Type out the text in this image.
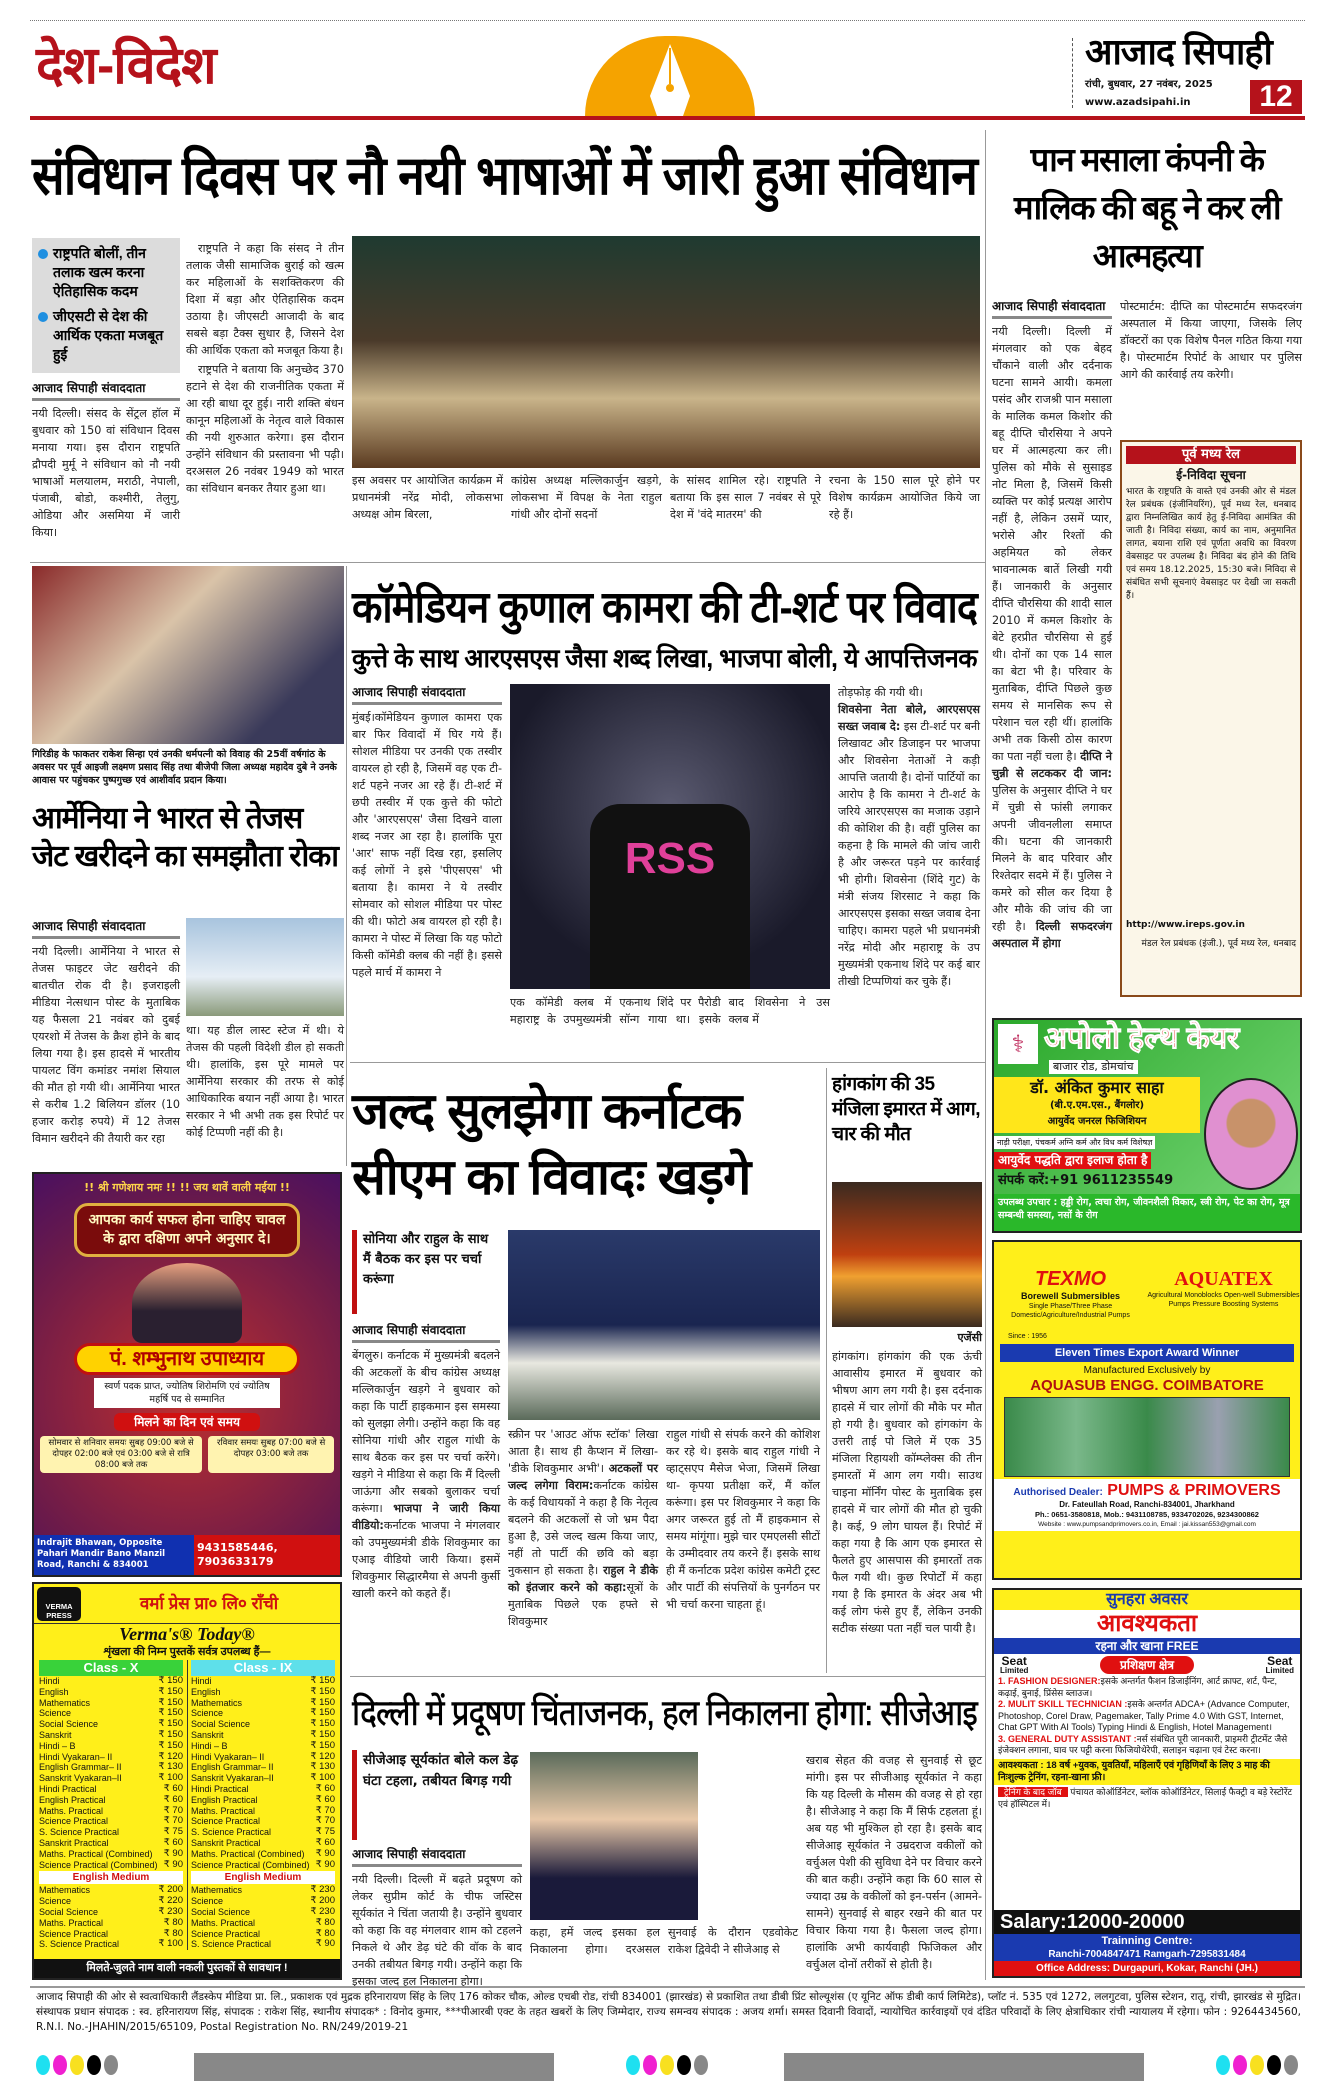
देश-विदेश	आजाद सिपाही
रांची, बुधवार, 27 नवंबर, 2025
www.azadsipahi.in	12
संविधान दिवस पर नौ नयी भाषाओं में जारी हुआ संविधान
राष्ट्रपति बोलीं, तीन तलाक खत्म करना ऐतिहासिक कदम
जीएसटी से देश की आर्थिक एकता मजबूत हुई
आजाद सिपाही संवाददाता
नयी दिल्ली। संसद के सेंट्रल हॉल में बुधवार को 150 वां संविधान दिवस मनाया गया। इस दौरान राष्ट्रपति द्रौपदी मुर्मू ने संविधान को नौ नयी भाषाओं मलयालम, मराठी, नेपाली, पंजाबी, बोडो, कश्मीरी, तेलुगु, ओडिया और असमिया में जारी किया।

राष्ट्रपति ने कहा कि संसद ने तीन तलाक जैसी सामाजिक बुराई को खत्म कर महिलाओं के सशक्तिकरण की दिशा में बड़ा और ऐतिहासिक कदम उठाया है। जीएसटी आजादी के बाद सबसे बड़ा टैक्स सुधार है, जिसने देश की आर्थिक एकता को मजबूत किया है।

राष्ट्रपति ने बताया कि अनुच्छेद 370 हटाने से देश की राजनीतिक एकता में आ रही बाधा दूर हुई। नारी शक्ति बंधन कानून महिलाओं के नेतृत्व वाले विकास की नयी शुरुआत करेगा। इस दौरान उन्होंने संविधान की प्रस्तावना भी पढ़ी। दरअसल 26 नवंबर 1949 को भारत का संविधान बनकर तैयार हुआ था।

इस अवसर पर आयोजित कार्यक्रम में प्रधानमंत्री नरेंद्र मोदी, लोकसभा अध्यक्ष ओम बिरला,
कांग्रेस अध्यक्ष मल्लिकार्जुन खड़गे, लोकसभा में विपक्ष के नेता राहुल गांधी और दोनों सदनों
के सांसद शामिल रहे। राष्ट्रपति ने बताया कि इस साल 7 नवंबर से पूरे देश में 'वंदे मातरम' की
रचना के 150 साल पूरे होने पर विशेष कार्यक्रम आयोजित किये जा रहे हैं।
गिरिडीह के फाकतर राकेश सिन्हा एवं उनकी धर्मपत्नी को विवाह की 25वीं वर्षगांठ के अवसर पर पूर्व आइजी लक्ष्मण प्रसाद सिंह तथा बीजेपी जिला अध्यक्ष महादेव दुबे ने उनके आवास पर पहुंचकर पुष्पगुच्छ एवं आशीर्वाद प्रदान किया।
आर्मेनिया ने भारत से तेजस जेट खरीदने का समझौता रोका
आजाद सिपाही संवाददाता
नयी दिल्ली। आर्मेनिया ने भारत से तेजस फाइटर जेट खरीदने की बातचीत रोक दी है। इजराइली मीडिया नेत्सधान पोस्ट के मुताबिक यह फैसला 21 नवंबर को दुबई एयरशो में तेजस के क्रैश होने के बाद लिया गया है। इस हादसे में भारतीय पायलट विंग कमांडर नमांश सियाल की मौत हो गयी थी। आर्मेनिया भारत से करीब 1.2 बिलियन डॉलर (10 हजार करोड़ रुपये) में 12 तेजस विमान खरीदने की तैयारी कर रहा
था। यह डील लास्ट स्टेज में थी। ये तेजस की पहली विदेशी डील हो सकती थी। हालांकि, इस पूरे मामले पर आर्मेनिया सरकार की तरफ से कोई आधिकारिक बयान नहीं आया है। भारत सरकार ने भी अभी तक इस रिपोर्ट पर कोई टिप्पणी नहीं की है।
कॉमेडियन कुणाल कामरा की टी-शर्ट पर विवाद
कुत्ते के साथ आरएसएस जैसा शब्द लिखा, भाजपा बोली, ये आपत्तिजनक
आजाद सिपाही संवाददाता
मुंबई।कॉमेडियन कुणाल कामरा एक बार फिर विवादों में घिर गये हैं। सोशल मीडिया पर उनकी एक तस्वीर वायरल हो रही है, जिसमें वह एक टी-शर्ट पहने नजर आ रहे हैं। टी-शर्ट में छपी तस्वीर में एक कुत्ते की फोटो और 'आरएसएस' जैसा दिखने वाला शब्द नजर आ रहा है। हालांकि पूरा 'आर' साफ नहीं दिख रहा, इसलिए कई लोगों ने इसे 'पीएसएस' भी बताया है। कामरा ने ये तस्वीर सोमवार को सोशल मीडिया पर पोस्ट की थी। फोटो अब वायरल हो रही है। कामरा ने पोस्ट में लिखा कि यह फोटो किसी कॉमेडी क्लब की नहीं है। इससे पहले मार्च में कामरा ने
RSS
एक कॉमेडी क्लब में महाराष्ट्र के उपमुख्यमंत्री एकनाथ शिंदे पर पैरोडी सॉन्ग गाया था। इसके बाद शिवसेना ने उस क्लब में
तोड़फोड़ की गयी थी।
शिवसेना नेता बोले, आरएसएस सख्त जवाब दे: इस टी-शर्ट पर बनी लिखावट और डिजाइन पर भाजपा और शिवसेना नेताओं ने कड़ी आपत्ति जतायी है। दोनों पार्टियों का आरोप है कि कामरा ने टी-शर्ट के जरिये आरएसएस का मजाक उड़ाने की कोशिश की है। वहीं पुलिस का कहना है कि मामले की जांच जारी है और जरूरत पड़ने पर कार्रवाई भी होगी। शिवसेना (शिंदे गुट) के मंत्री संजय शिरसाट ने कहा कि आरएसएस इसका सख्त जवाब देना चाहिए। कामरा पहले भी प्रधानमंत्री नरेंद्र मोदी और महाराष्ट्र के उप मुख्यमंत्री एकनाथ शिंदे पर कई बार तीखी टिप्पणियां कर चुके हैं।
!! श्री गणेशाय नमः !! !! जय थावें वाली मईया !!
आपका कार्य सफल होना चाहिए चावल के द्वारा दक्षिणा अपने अनुसार दे।
पं. शम्भुनाथ उपाध्याय
स्वर्ण पदक प्राप्त, ज्योतिष शिरोमणि एवं ज्योतिष महर्षि पद से सम्मानित
मिलने का दिन एवं समय
सोमवार से शनिवार समयः सुबह 09:00 बजे से दोपहर 02:00 बजे एवं 03:00 बजे से रात्रि 08:00 बजे तक
रविवार समयः सुबह 07:00 बजे से दोपहर 03:00 बजे तक
Indrajit Bhawan, Opposite Pahari Mandir Bano Manzil Road, Ranchi & 834001
9431585446, 7903633179
VERMA PRESS
वर्मा प्रेस प्रा० लि० राँची
Verma's® Today®
शृंखला की निम्न पुस्तकें सर्वत्र उपलब्ध हैं—
Class - X
Hindi	₹ 150
English	₹ 150
Mathematics	₹ 150
Science	₹ 150
Social Science	₹ 150
Sanskrit	₹ 150
Hindi – B	₹ 150
Hindi Vyakaran– II	₹ 120
English Grammar– II	₹ 130
Sanskrit Vyakaran–II	₹ 100
Hindi Practical	₹ 60
English Practical	₹ 60
Maths. Practical	₹ 70
Science Practical	₹ 70
S. Science Practical	₹ 75
Sanskrit Practical	₹ 60
Maths. Practical (Combined) ₹ 90
Science Practical (Combined) ₹ 90
English Medium
Mathematics	₹ 200
Science	₹ 220
Social Science	₹ 230
Maths. Practical	₹ 80
Science Practical	₹ 80
S. Science Practical	₹ 100
Class - IX
Hindi	₹ 150
English	₹ 150
Mathematics	₹ 150
Science	₹ 150
Social Science	₹ 150
Sanskrit	₹ 150
Hindi – B	₹ 150
Hindi Vyakaran– II	₹ 120
English Grammar– II	₹ 130
Sanskrit Vyakaran–II	₹ 100
Hindi Practical	₹ 60
English Practical	₹ 60
Maths. Practical	₹ 70
Science Practical	₹ 70
S. Science Practical	₹ 75
Sanskrit Practical	₹ 60
Maths. Practical (Combined) ₹ 90
Science Practical (Combined) ₹ 90
English Medium
Mathematics	₹ 230
Science	₹ 200
Social Science	₹ 230
Maths. Practical	₹ 80
Science Practical	₹ 80
S. Science Practical	₹ 90
मिलते-जुलते नाम वाली नकली पुस्तकों से सावधान !
जल्द सुलझेगा कर्नाटक सीएम का विवादः खड़गे
सोनिया और राहुल के साथ मैं बैठक कर इस पर चर्चा करूंगा
आजाद सिपाही संवाददाता
बेंगलुरु। कर्नाटक में मुख्यमंत्री बदलने की अटकलों के बीच कांग्रेस अध्यक्ष मल्लिकार्जुन खड़गे ने बुधवार को कहा कि पार्टी हाइकमान इस समस्या को सुलझा लेगी। उन्होंने कहा कि वह सोनिया गांधी और राहुल गांधी के साथ बैठक कर इस पर चर्चा करेंगे। खड़गे ने मीडिया से कहा कि मैं दिल्ली जाऊंगा और सबको बुलाकर चर्चा करूंगा। भाजपा ने जारी किया वीडियो:कर्नाटक भाजपा ने मंगलवार को उपमुख्यमंत्री डीके शिवकुमार का एआइ वीडियो जारी किया। इसमें शिवकुमार सिद्धारमैया से अपनी कुर्सी खाली करने को कहते हैं।
स्क्रीन पर 'आउट ऑफ स्टॉक' लिखा आता है। साथ ही कैप्शन में लिखा- 'डीके शिवकुमार अभी'। अटकलों पर जल्द लगेगा विराम:कर्नाटक कांग्रेस के कई विधायकों ने कहा है कि नेतृत्व बदलने की अटकलों से जो भ्रम पैदा हुआ है, उसे जल्द खत्म किया जाए, नहीं तो पार्टी की छवि को बड़ा नुकसान हो सकता है। राहुल ने डीके को इंतजार करने को कहा:सूत्रों के मुताबिक पिछले एक हफ्ते से शिवकुमार
राहुल गांधी से संपर्क करने की कोशिश कर रहे थे। इसके बाद राहुल गांधी ने व्हाट्सएप मैसेज भेजा, जिसमें लिखा था- कृपया प्रतीक्षा करें, मैं कॉल करूंगा। इस पर शिवकुमार ने कहा कि अगर जरूरत हुई तो मैं हाइकमान से समय मांगूंगा। मुझे चार एमएलसी सीटों के उम्मीदवार तय करने हैं। इसके साथ ही मैं कर्नाटक प्रदेश कांग्रेस कमेटी ट्रस्ट और पार्टी की संपत्तियों के पुनर्गठन पर भी चर्चा करना चाहता हूं।
हांगकांग की 35 मंजिला इमारत में आग, चार की मौत
एजेंसी
हांगकांग। हांगकांग की एक ऊंची आवासीय इमारत में बुधवार को भीषण आग लग गयी है। इस दर्दनाक हादसे में चार लोगों की मौके पर मौत हो गयी है। बुधवार को हांगकांग के उत्तरी ताई पो जिले में एक 35 मंजिला रिहायशी कॉम्प्लेक्स की तीन इमारतों में आग लग गयी। साउथ चाइना मॉर्निंग पोस्ट के मुताबिक इस हादसे में चार लोगों की मौत हो चुकी है। कई, 9 लोग घायल हैं। रिपोर्ट में कहा गया है कि आग एक इमारत से फैलते हुए आसपास की इमारतों तक फैल गयी थी। कुछ रिपोर्टों में कहा गया है कि इमारत के अंदर अब भी कई लोग फंसे हुए हैं, लेकिन उनकी सटीक संख्या पता नहीं चल पायी है।
दिल्ली में प्रदूषण चिंताजनक, हल निकालना होगा: सीजेआइ
सीजेआइ सूर्यकांत बोले कल डेढ़ घंटा टहला, तबीयत बिगड़ गयी
आजाद सिपाही संवाददाता
नयी दिल्ली। दिल्ली में बढ़ते प्रदूषण को लेकर सुप्रीम कोर्ट के चीफ जस्टिस सूर्यकांत ने चिंता जतायी है। उन्होंने बुधवार को कहा कि वह मंगलवार शाम को टहलने निकले थे और डेढ़ घंटे की वॉक के बाद उनकी तबीयत बिगड़ गयी। उन्होंने कहा कि इसका जल्द हल निकालना होगा।
कहा, हमें जल्द इसका हल निकालना होगा। दरअसल सुनवाई के दौरान एडवोकेट राकेश द्विवेदी ने सीजेआइ से
खराब सेहत की वजह से सुनवाई से छूट मांगी। इस पर सीजीआइ सूर्यकांत ने कहा कि यह दिल्ली के मौसम की वजह से हो रहा है। सीजेआइ ने कहा कि मैं सिर्फ टहलता हूं। अब यह भी मुश्किल हो रहा है। इसके बाद सीजेआइ सूर्यकांत ने उम्रदराज वकीलों को वर्चुअल पेशी की सुविधा देने पर विचार करने की बात कही। उन्होंने कहा कि 60 साल से ज्यादा उम्र के वकीलों को इन-पर्सन (आमने-सामने) सुनवाई से बाहर रखने की बात पर विचार किया गया है। फैसला जल्द होगा। हालांकि अभी कार्यवाही फिजिकल और वर्चुअल दोनों तरीकों से होती है।
पान मसाला कंपनी के मालिक की बहू ने कर ली आत्महत्या
आजाद सिपाही संवाददाता
नयी दिल्ली। दिल्ली में मंगलवार को एक बेहद चौंकाने वाली और दर्दनाक घटना सामने आयी। कमला पसंद और राजश्री पान मसाला के मालिक कमल किशोर की बहू दीप्ति चौरसिया ने अपने घर में आत्महत्या कर ली। पुलिस को मौके से सुसाइड नोट मिला है, जिसमें किसी व्यक्ति पर कोई प्रत्यक्ष आरोप नहीं है, लेकिन उसमें प्यार, भरोसे और रिश्तों की अहमियत को लेकर भावनात्मक बातें लिखी गयी हैं। जानकारी के अनुसार दीप्ति चौरसिया की शादी साल 2010 में कमल किशोर के बेटे हरप्रीत चौरसिया से हुई थी। दोनों का एक 14 साल का बेटा भी है। परिवार के मुताबिक, दीप्ति पिछले कुछ समय से मानसिक रूप से परेशान चल रही थीं। हालांकि अभी तक किसी ठोस कारण का पता नहीं चला है। दीप्ति ने चुन्नी से लटककर दी जान: पुलिस के अनुसार दीप्ति ने घर में चुन्नी से फांसी लगाकर अपनी जीवनलीला समाप्त की। घटना की जानकारी मिलने के बाद परिवार और रिश्तेदार सदमे में हैं। पुलिस ने कमरे को सील कर दिया है और मौके की जांच की जा रही है। दिल्ली सफदरजंग अस्पताल में होगा
पोस्टमार्टम: दीप्ति का पोस्टमार्टम सफदरजंग अस्पताल में किया जाएगा, जिसके लिए डॉक्टरों का एक विशेष पैनल गठित किया गया है। पोस्टमार्टम रिपोर्ट के आधार पर पुलिस आगे की कार्रवाई तय करेगी।
पूर्व मध्य रेल
ई-निविदा सूचना
भारत के राष्ट्रपति के वास्ते एवं उनकी ओर से मंडल रेल प्रबंधक (इंजीनियरिंग), पूर्व मध्य रेल, धनबाद द्वारा निम्नलिखित कार्य हेतु ई-निविदा आमंत्रित की जाती है। निविदा संख्या, कार्य का नाम, अनुमानित लागत, बयाना राशि एवं पूर्णता अवधि का विवरण वेबसाइट पर उपलब्ध है। निविदा बंद होने की तिथि एवं समय 18.12.2025, 15:30 बजे। निविदा से संबंधित सभी सूचनाएं वेबसाइट पर देखी जा सकती हैं।
http://www.ireps.gov.in
मंडल रेल प्रबंधक (इंजी.), पूर्व मध्य रेल, धनबाद
⚕ अपोलो हेल्थ केयर
बाजार रोड, डोमचांच
डॉ. अंकित कुमार साहा
(बी.ए.एम.एस., बैंगलोर)
आयुर्वेद जनरल फिजिशियन
नाड़ी परीक्षा, पंचकर्म अग्नि कर्म और विध कर्म विशेषज्ञ
आयुर्वेद पद्धति द्वारा इलाज होता है
संपर्क करें:+91 9611235549
उपलब्ध उपचार : हड्डी रोग, त्वचा रोग, जीवनशैली विकार, स्त्री रोग, पेट का रोग, मूत्र सम्बन्धी समस्या, नसों के रोग
TEXMO
Borewell Submersibles
Single Phase/Three Phase Domestic/Agriculture/Industrial Pumps
AQUATEX
Agricultural Monoblocks Open-well Submersibles Pumps Pressure Boosting Systems
Since : 1956
Eleven Times Export Award Winner
Manufactured Exclusively by
AQUASUB ENGG. COIMBATORE
Authorised Dealer: PUMPS & PRIMOVERS
Dr. Fateullah Road, Ranchi-834001, Jharkhand
Ph.: 0651-3580818, Mob.: 9431108785, 9334702026, 9234300862
Website : www.pumpsandprimovers.co.in, Email : jai.kissan553@gmail.com
सुनहरा अवसर
आवश्यकता
रहना और खाना FREE
Seat
Limited	प्रशिक्षण क्षेत्र	Seat
Limited
1. FASHION DESIGNER:इसके अन्तर्गत फैशन डिजाईनिंग, आर्ट क्राफ्ट, शर्ट, पैन्ट, कढ़ाई, बुनाई, प्रिंसेस ब्लाउज।
2. MULIT SKILL TECHNICIAN :इसके अन्तर्गत ADCA+ (Advance Computer, Photoshop, Corel Draw, Pagemaker, Tally Prime 4.0 With GST, Internet, Chat GPT With AI Tools) Typing Hindi & English, Hotel Management।
3. GENERAL DUTY ASSISTANT :नर्स संबंधित पूरी जानकारी, प्राइमरी ट्रीटमेंट जैसे इंजेक्शन लगाना, घाव पर पट्टी करना फिजियोथेरेपी, सलाइन चढ़ाना एवं टेस्ट करना।
आवश्यकता : 18 वर्ष +युवक, युवतियाँ, महिलाएँ एवं गृहिणियाँ के लिए 3 माह की निःशुल्क ट्रेनिंग, रहना-खाना फ्री।
ट्रेनिंग के बाद जॉब पंचायत कोऑर्डिनेटर, ब्लॉक कोऑर्डिनेटर, सिलाई फैक्ट्री व बड़े रेस्टोरेंट एवं हॉस्पिटल में।
Salary:12000-20000
Trainning Centre:
Ranchi-7004847471 Ramgarh-7295831484
Office Address: Durgapuri, Kokar, Ranchi (JH.)
आजाद सिपाही की ओर से स्वत्वाधिकारी लैंडस्केप मीडिया प्रा. लि., प्रकाशक एवं मुद्रक हरिनारायण सिंह के लिए 176 कोकर चौक, ओल्ड एचबी रोड, रांची 834001 (झारखंड) से प्रकाशित तथा डीबी प्रिंट सोल्यूशंस (ए यूनिट ऑफ डीबी कार्प लिमिटेड), प्लॉट नं. 535 एवं 1272, ललगुटवा, पुलिस स्टेशन, रातू, रांची, झारखंड से मुद्रित। संस्थापक प्रधान संपादक : स्व. हरिनारायण सिंह, संपादक : राकेश सिंह, स्थानीय संपादक* : विनोद कुमार, ***पीआरबी एक्ट के तहत खबरों के लिए जिम्मेदार, राज्य समन्वय संपादक : अजय शर्मा। समस्त दिवानी विवादों, न्यायोचित कार्रवाइयों एवं दंडित परिवादों के लिए क्षेत्राधिकार रांची न्यायालय में रहेगा। फोन : 9264434560, R.N.I. No.-JHAHIN/2015/65109, Postal Registration No. RN/249/2019-21
